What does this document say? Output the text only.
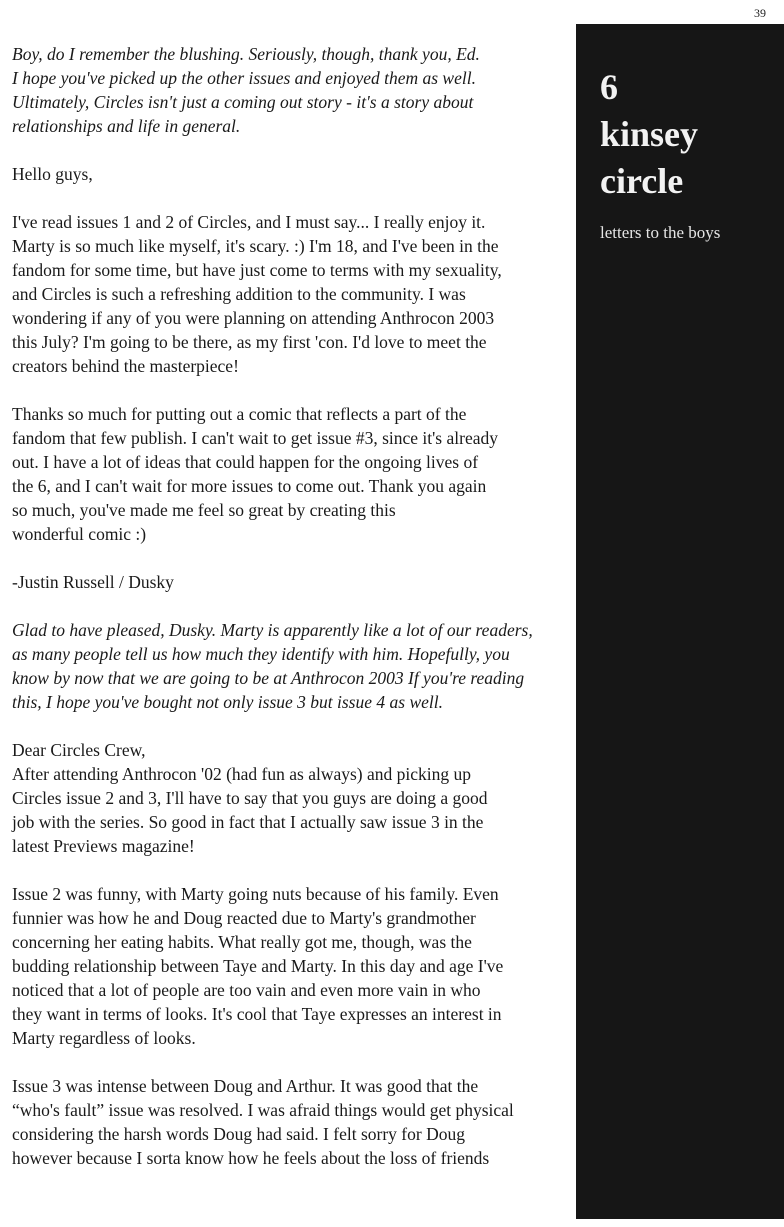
39
6
kinsey
circle
letters to the boys

Boy, do I remember the blushing. Seriously, though, thank you, Ed.
I hope you've picked up the other issues and enjoyed them as well.
Ultimately, Circles isn't just a coming out story - it's a story about
relationships and life in general.

Hello guys,

I've read issues 1 and 2 of Circles, and I must say... I really enjoy it.
Marty is so much like myself, it's scary. :) I'm 18, and I've been in the
fandom for some time, but have just come to terms with my sexuality,
and Circles is such a refreshing addition to the community. I was
wondering if any of you were planning on attending Anthrocon 2003
this July? I'm going to be there, as my first 'con. I'd love to meet the
creators behind the masterpiece!

Thanks so much for putting out a comic that reflects a part of the
fandom that few publish. I can't wait to get issue #3, since it's already
out. I have a lot of ideas that could happen for the ongoing lives of
the 6, and I can't wait for more issues to come out. Thank you again
so much, you've made me feel so great by creating this
wonderful comic :)

-Justin Russell / Dusky

Glad to have pleased, Dusky. Marty is apparently like a lot of our readers,
as many people tell us how much they identify with him. Hopefully, you
know by now that we are going to be at Anthrocon 2003 If you're reading
this, I hope you've bought not only issue 3 but issue 4 as well.

Dear Circles Crew,

After attending Anthrocon '02 (had fun as always) and picking up
Circles issue 2 and 3, I'll have to say that you guys are doing a good
job with the series. So good in fact that I actually saw issue 3 in the
latest Previews magazine!

Issue 2 was funny, with Marty going nuts because of his family. Even
funnier was how he and Doug reacted due to Marty's grandmother
concerning her eating habits. What really got me, though, was the
budding relationship between Taye and Marty. In this day and age I've
noticed that a lot of people are too vain and even more vain in who
they want in terms of looks. It's cool that Taye expresses an interest in
Marty regardless of looks.

Issue 3 was intense between Doug and Arthur. It was good that the
“who's fault” issue was resolved. I was afraid things would get physical
considering the harsh words Doug had said. I felt sorry for Doug
however because I sorta know how he feels about the loss of friends
